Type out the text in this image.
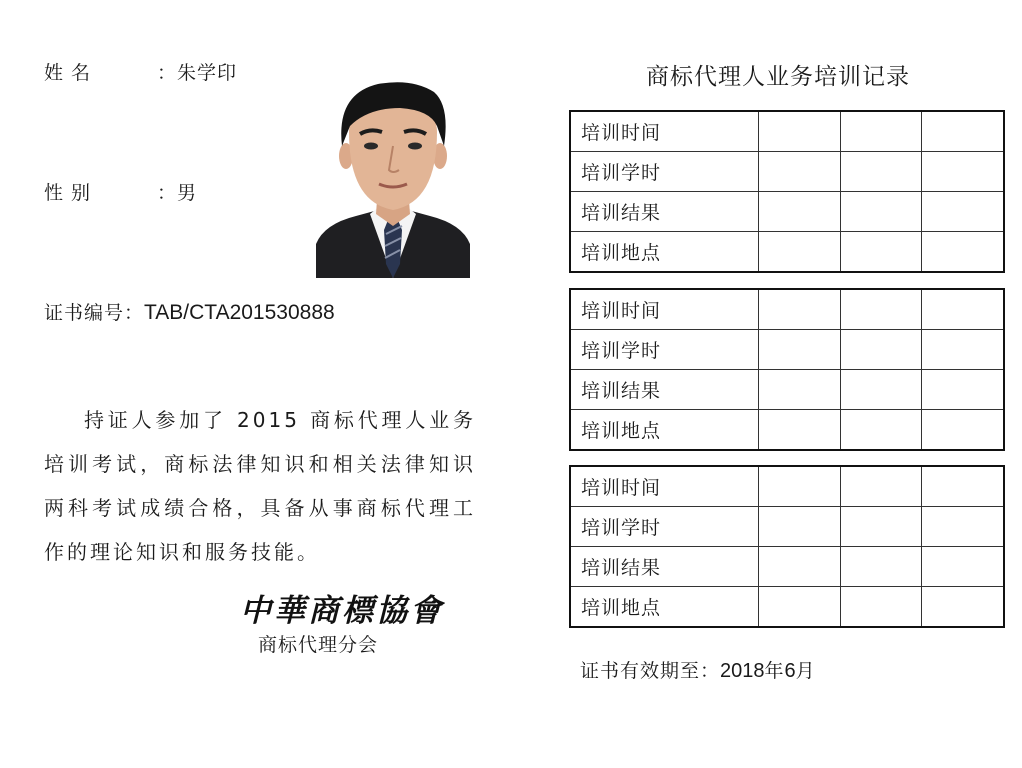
姓 名	：朱学印
性 别	：男
证书编号：TAB/CTA201530888
持证人参加了 2015 商标代理人业务培训考试，商标法律知识和相关法律知识两科考试成绩合格，具备从事商标代理工作的理论知识和服务技能。
中華商標協會
商标代理分会
商标代理人业务培训记录
培训时间			
培训学时			
培训结果			
培训地点			
培训时间			
培训学时			
培训结果			
培训地点			
培训时间			
培训学时			
培训结果			
培训地点			
证书有效期至：2018年6月
